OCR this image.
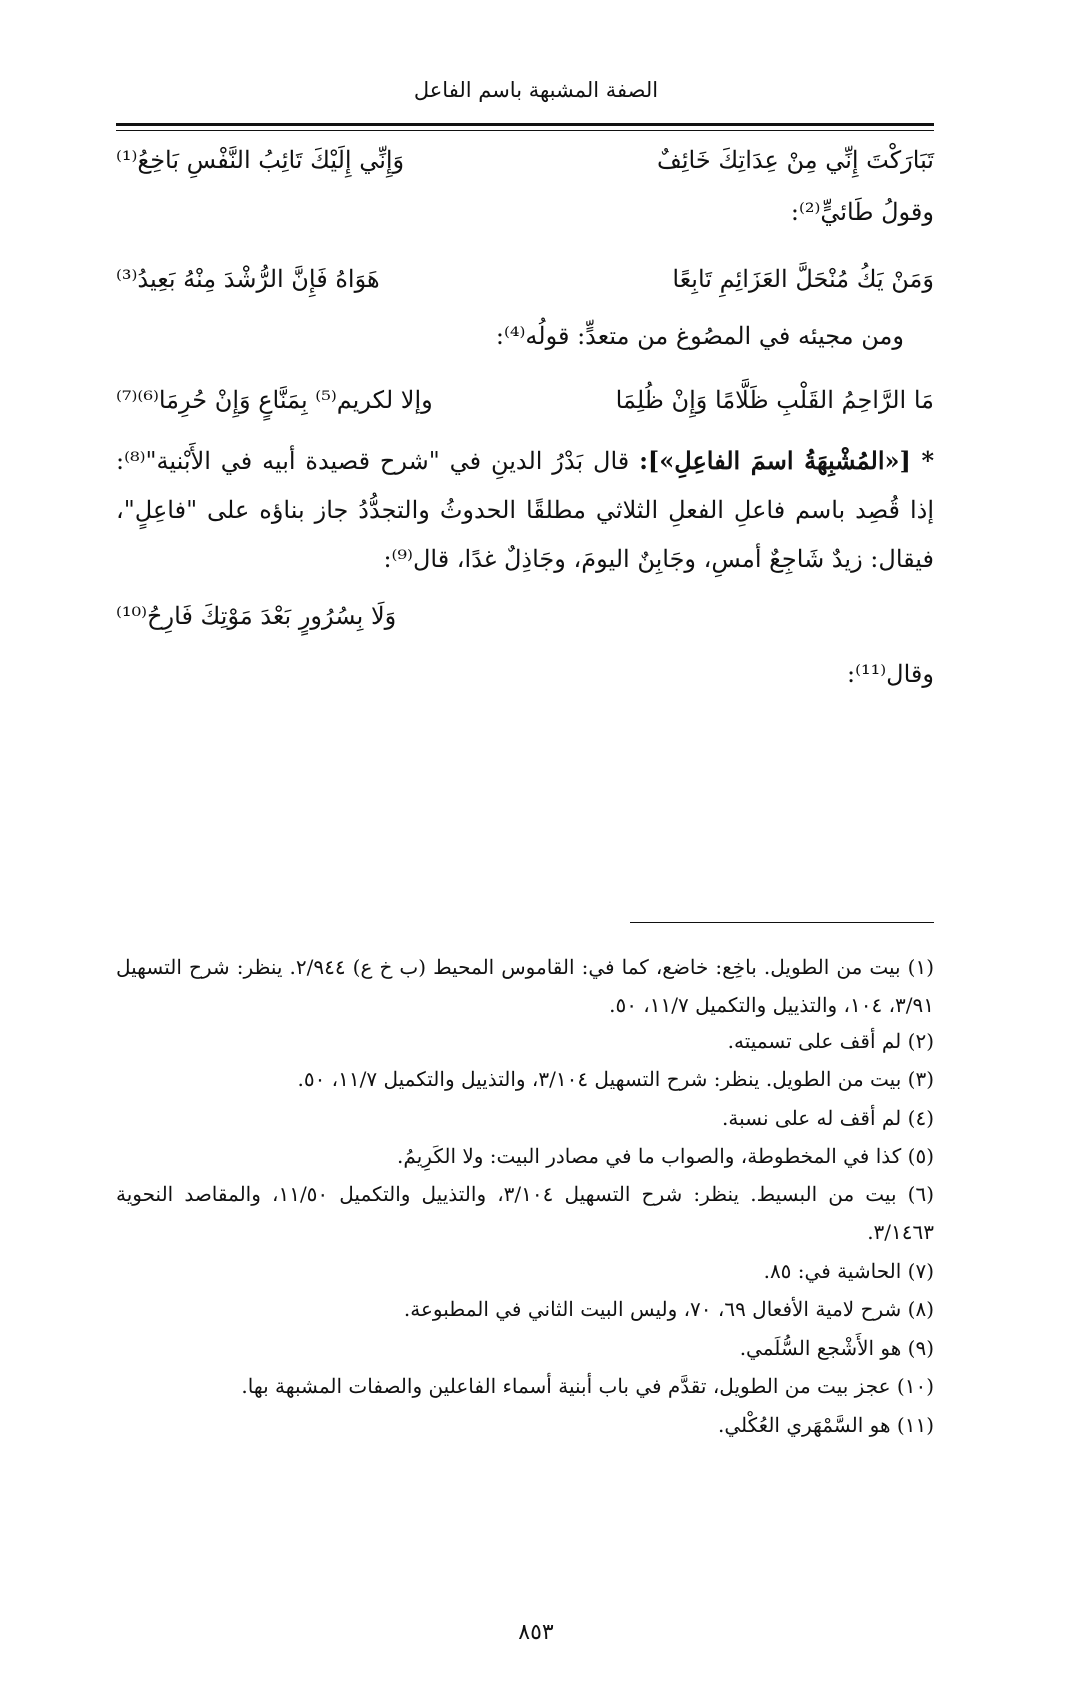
الصفة المشبهة باسم الفاعل
تَبَارَكْتَ إِنِّي مِنْ عِدَاتِكَ خَائِفٌ
وَإِنِّي إِلَيْكَ تَائِبُ النَّفْسِ بَاخِعُ⁽¹⁾
وقولُ طَائيٍّ⁽²⁾:
وَمَنْ يَكُ مُنْحَلَّ العَزَائِمِ تَابِعًا
هَوَاهُ فَإِنَّ الرُّشْدَ مِنْهُ بَعِيدُ⁽³⁾
ومن مجيئه في المصُوغ من متعدٍّ: قولُه⁽⁴⁾:
مَا الرَّاحِمُ القَلْبِ ظَلَّامًا وَإِنْ ظُلِمَا
وإلا لكريم⁽⁵⁾ بِمَنَّاعٍ وَإِنْ حُرِمَا⁽⁶⁾⁽⁷⁾
* [«المُشْبِهَةُ اسمَ الفاعِلِ»]: قال بَدْرُ الدينِ في "شرح قصيدة أبيه في الأَبْنية"⁽⁸⁾: إذا قُصِد باسم فاعلِ الفعلِ الثلاثي مطلقًا الحدوثُ والتجدُّدُ جاز بناؤه على "فاعِلٍ"، فيقال: زيدٌ شَاجِعٌ أمسِ، وجَابِنٌ اليومَ، وجَاذِلٌ غدًا، قال⁽⁹⁾:
وَلَا بِسُرُورٍ بَعْدَ مَوْتِكَ فَارِحُ⁽¹⁰⁾
وقال⁽¹¹⁾:
(١) بيت من الطويل. باخِع: خاضع، كما في: القاموس المحيط (ب خ ع) ٢/٩٤٤. ينظر: شرح التسهيل ٣/٩١، ١٠٤، والتذييل والتكميل ١١/٧، ٥٠.
(٢) لم أقف على تسميته.
(٣) بيت من الطويل. ينظر: شرح التسهيل ٣/١٠٤، والتذييل والتكميل ١١/٧، ٥٠.
(٤) لم أقف له على نسبة.
(٥) كذا في المخطوطة، والصواب ما في مصادر البيت: ولا الكَرِيمُ.
(٦) بيت من البسيط. ينظر: شرح التسهيل ٣/١٠٤، والتذييل والتكميل ١١/٥٠، والمقاصد النحوية ٣/١٤٦٣.
(٧) الحاشية في: ٨٥.
(٨) شرح لامية الأفعال ٦٩، ٧٠، وليس البيت الثاني في المطبوعة.
(٩) هو الأَشْجع السُّلَمي.
(١٠) عجز بيت من الطويل، تقدَّم في باب أبنية أسماء الفاعلين والصفات المشبهة بها.
(١١) هو السَّمْهَري العُكْلي.
٨٥٣
